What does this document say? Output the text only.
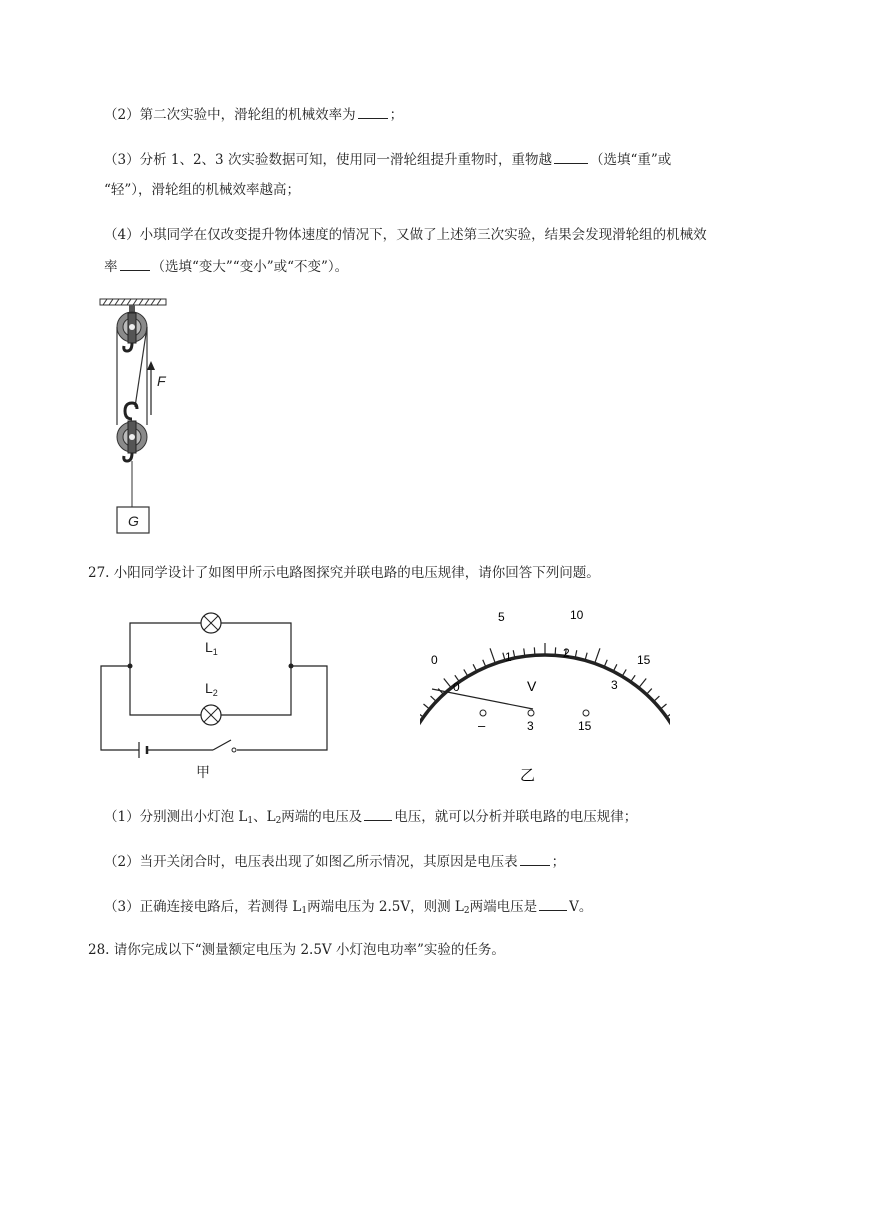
（2）第二次实验中，滑轮组的机械效率为	；
（3）分析 1、2、3 次实验数据可知，使用同一滑轮组提升重物时，重物越	（选填“重”或
“轻”），滑轮组的机械效率越高；
（4）小琪同学在仅改变提升物体速度的情况下，又做了上述第三次实验，结果会发现滑轮组的机械效
率	（选填“变大”“变小”或“不变”）。
F
G
27. 小阳同学设计了如图甲所示电路图探究并联电路的电压规律，请你回答下列问题。
$L_1$
$L_2$
甲
0
5	10
15
0
1	2
3
V
–	3	15
乙
（1）分别测出小灯泡 $L_1$、$L_2$两端的电压及 电压，就可以分析并联电路的电压规律；
（2）当开关闭合时，电压表出现了如图乙所示情况，其原因是电压表	；
（3）正确连接电路后，若测得 $L_1$两端电压为 2.5V，则测 $L_2$两端电压是 V。
28. 请你完成以下“测量额定电压为 2.5V 小灯泡电功率”实验的任务。
